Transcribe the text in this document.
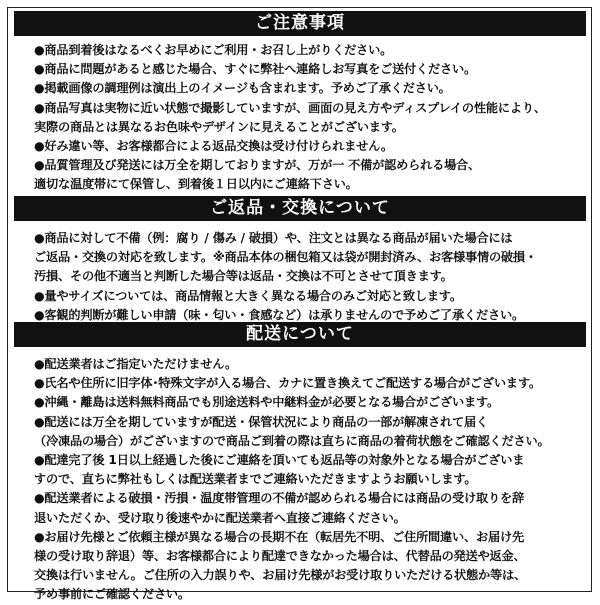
ご注意事項

●商品到着後はなるべくお早めにご利用・お召し上がりください。

●商品に問題があると感じた場合、すぐに弊社へ連絡しお写真をご送付ください。

●掲載画像の調理例は演出上のイメージも含まれます。予めご了承ください。

●商品写真は実物に近い状態で撮影していますが、画面の見え方やディスプレイの性能により、

実際の商品とは異なるお色味やデザインに見えることがございます。

●好み違い等、お客様都合による返品交換は受け付けられません。

●品質管理及び発送には万全を期しておりますが、万が一 不備が認められる場合、

適切な温度帯にて保管し、到着後１日以内にご連絡下さい。

ご返品・交換について

●商品に対して不備（例：腐り / 傷み / 破損）や、注文とは異なる商品が届いた場合には

ご返品・交換の対応を致します。※商品本体の梱包箱又は袋が開封済み、お客様事情の破損・

汚損、その他不適当と判断した場合等は返品・交換は不可とさせて頂きます。

●量やサイズについては、商品情報と大きく異なる場合のみご対応と致します。

●客観的判断が難しい申請（味・匂い・食感など）は承りませんので予めご了承ください。

配送について

●配送業者はご指定いただけません。

●氏名や住所に旧字体･特殊文字が入る場合、カナに置き換えてご配送する場合がございます。

●沖縄・離島は送料無料商品でも別途送料や中継料金が必要となる場合がございます。

●配送には万全を期していますが配送・保管状況により商品の一部が解凍されて届く

（冷凍品の場合）がございますので商品ご到着の際は直ちに商品の着荷状態をご確認ください。

●配達完了後 1日以上経過した後にご連絡を頂いても返品等の対象外となる場合がございま

すので、直ちに弊社もしくは配送業者までご連絡いただきますようお願いします。

●配送業者による破損・汚損・温度帯管理の不備が認められる場合には商品の受け取りを辞

退いただくか、受け取り後速やかに配送業者へ直接ご連絡ください。

●お届け先様とご依頼主様が異なる場合の長期不在（転居先不明、ご住所間違い、お届け先

様の受け取り辞退）等、お客様都合により配達できなかった場合は、代替品の発送や返金、

交換は行いません。ご住所の入力誤りや、お届け先様がお受け取りいただける状態か等は、

予め事前にご確認ください。
